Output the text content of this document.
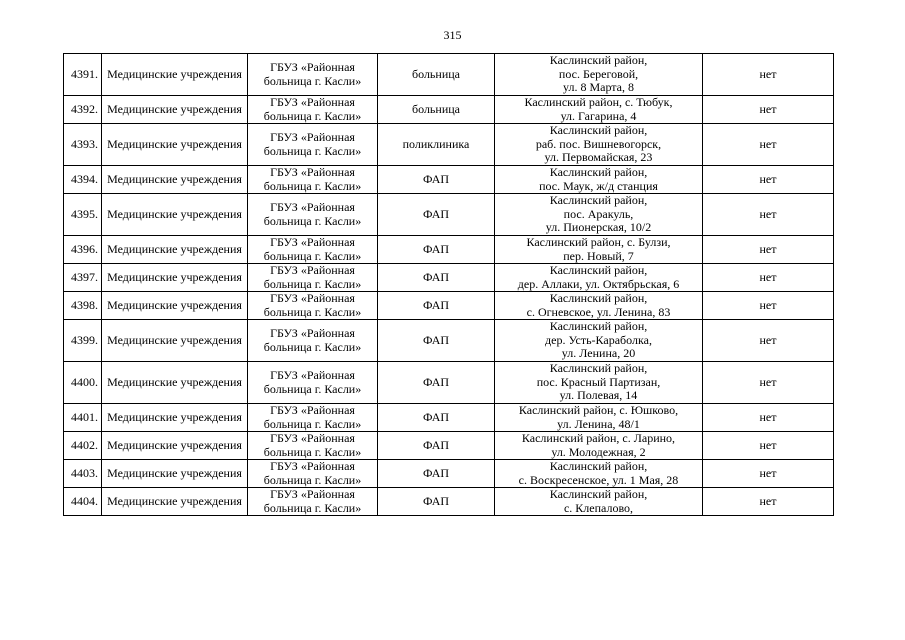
315
4391.	Медицинские учреждения	ГБУЗ «Районная больница г. Касли»	больница	Каслинский район,
пос. Береговой,
ул. 8 Марта, 8	нет
4392.	Медицинские учреждения	ГБУЗ «Районная больница г. Касли»	больница	Каслинский район, с. Тюбук,
ул. Гагарина, 4	нет
4393.	Медицинские учреждения	ГБУЗ «Районная больница г. Касли»	поликлиника	Каслинский район,
раб. пос. Вишневогорск,
ул. Первомайская, 23	нет
4394.	Медицинские учреждения	ГБУЗ «Районная больница г. Касли»	ФАП	Каслинский район,
пос. Маук, ж/д станция	нет
4395.	Медицинские учреждения	ГБУЗ «Районная больница г. Касли»	ФАП	Каслинский район,
пос. Аракуль,
ул. Пионерская, 10/2	нет
4396.	Медицинские учреждения	ГБУЗ «Районная больница г. Касли»	ФАП	Каслинский район, с. Булзи,
пер. Новый, 7	нет
4397.	Медицинские учреждения	ГБУЗ «Районная больница г. Касли»	ФАП	Каслинский район,
дер. Аллаки, ул. Октябрьская, 6	нет
4398.	Медицинские учреждения	ГБУЗ «Районная больница г. Касли»	ФАП	Каслинский район,
с. Огневское, ул. Ленина, 83	нет
4399.	Медицинские учреждения	ГБУЗ «Районная больница г. Касли»	ФАП	Каслинский район,
дер. Усть-Караболка,
ул. Ленина, 20	нет
4400.	Медицинские учреждения	ГБУЗ «Районная больница г. Касли»	ФАП	Каслинский район,
пос. Красный Партизан,
ул. Полевая, 14	нет
4401.	Медицинские учреждения	ГБУЗ «Районная больница г. Касли»	ФАП	Каслинский район, с. Юшково,
ул. Ленина, 48/1	нет
4402.	Медицинские учреждения	ГБУЗ «Районная больница г. Касли»	ФАП	Каслинский район, с. Ларино,
ул. Молодежная, 2	нет
4403.	Медицинские учреждения	ГБУЗ «Районная больница г. Касли»	ФАП	Каслинский район,
с. Воскресенское, ул. 1 Мая, 28	нет
4404.	Медицинские учреждения	ГБУЗ «Районная больница г. Касли»	ФАП	Каслинский район,
с. Клепалово,	нет
